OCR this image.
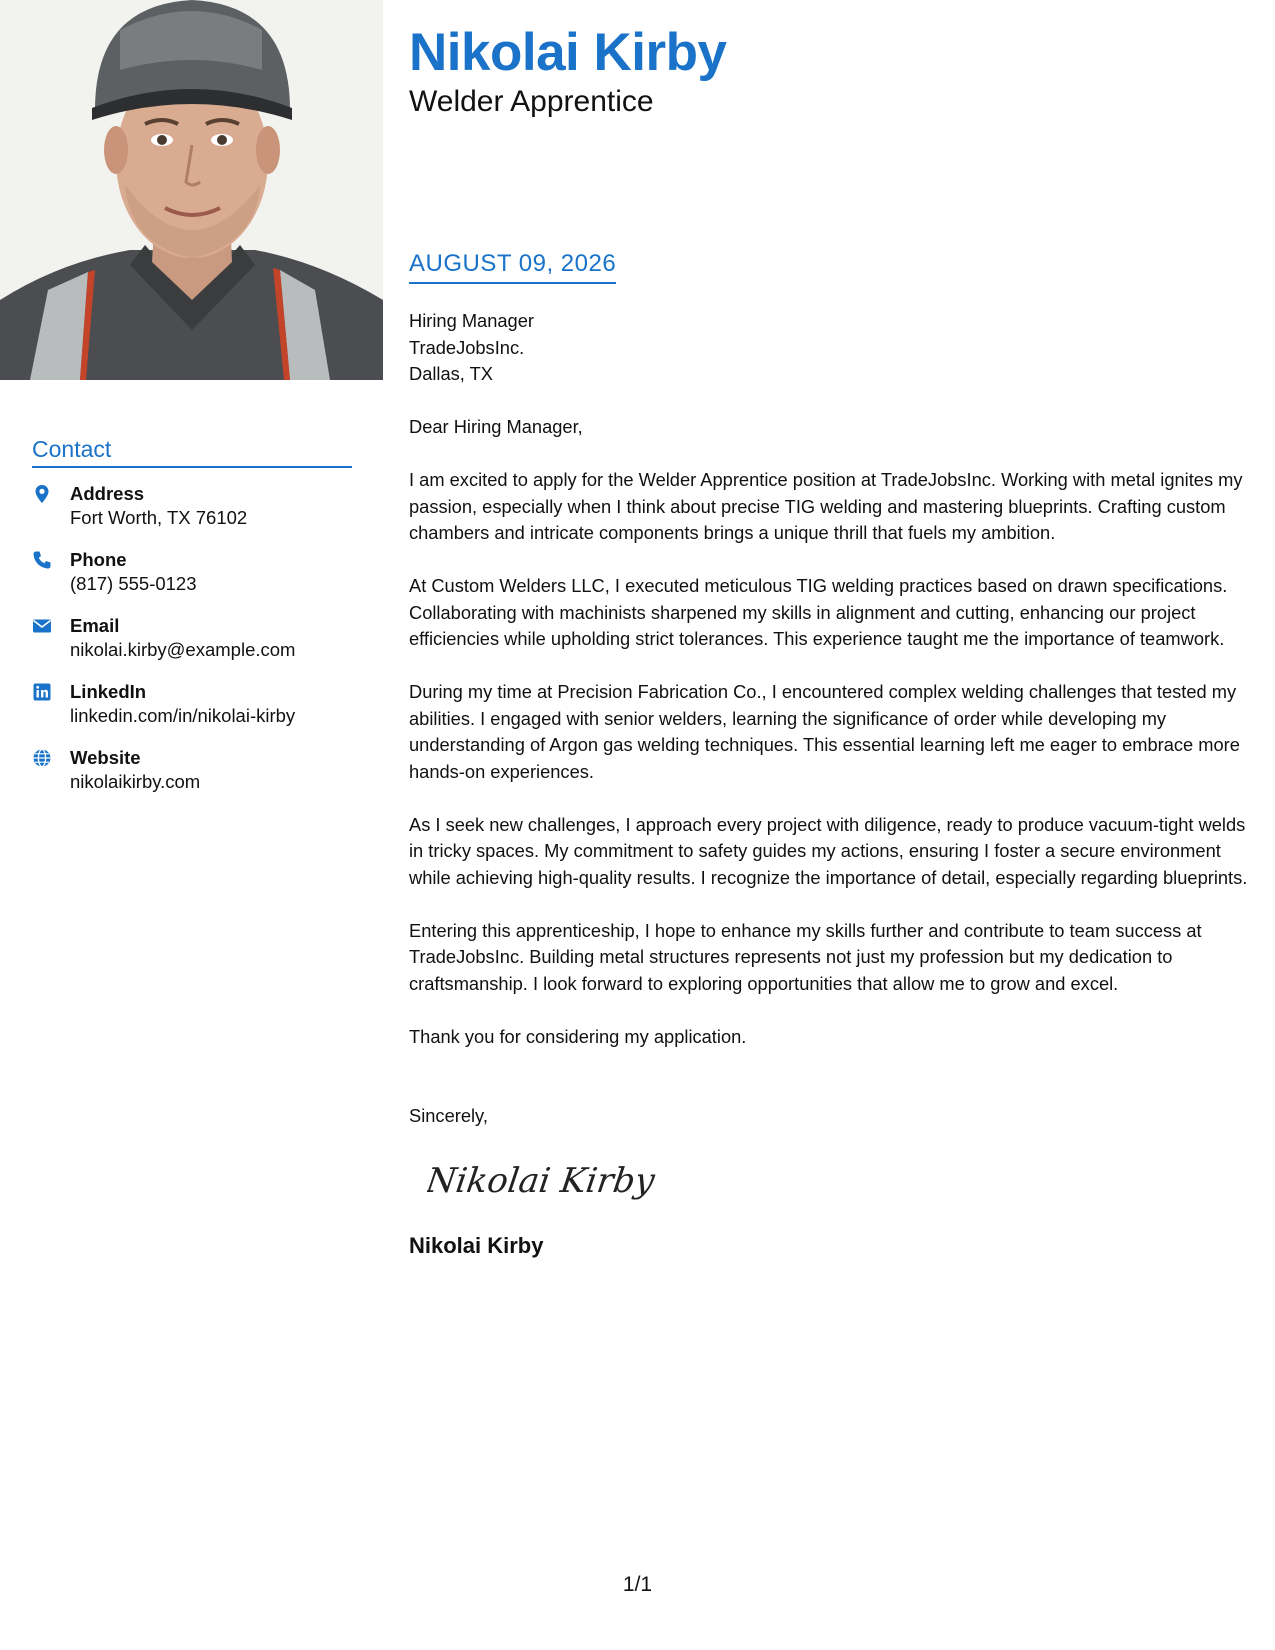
Contact
Address
Fort Worth, TX 76102
Phone
(817) 555-0123
Email
nikolai.kirby@example.com
LinkedIn
linkedin.com/in/nikolai-kirby
Website
nikolaikirby.com
Nikolai Kirby
Welder Apprentice
AUGUST 09, 2026
Hiring Manager
TradeJobsInc.
Dallas, TX

Dear Hiring Manager,

I am excited to apply for the Welder Apprentice position at TradeJobsInc. Working with metal ignites my passion, especially when I think about precise TIG welding and mastering blueprints. Crafting custom chambers and intricate components brings a unique thrill that fuels my ambition.

At Custom Welders LLC, I executed meticulous TIG welding practices based on drawn specifications. Collaborating with machinists sharpened my skills in alignment and cutting, enhancing our project efficiencies while upholding strict tolerances. This experience taught me the importance of teamwork.

During my time at Precision Fabrication Co., I encountered complex welding challenges that tested my abilities. I engaged with senior welders, learning the significance of order while developing my understanding of Argon gas welding techniques. This essential learning left me eager to embrace more hands-on experiences.

As I seek new challenges, I approach every project with diligence, ready to produce vacuum-tight welds in tricky spaces. My commitment to safety guides my actions, ensuring I foster a secure environment while achieving high-quality results. I recognize the importance of detail, especially regarding blueprints.

Entering this apprenticeship, I hope to enhance my skills further and contribute to team success at TradeJobsInc. Building metal structures represents not just my profession but my dedication to craftsmanship. I look forward to exploring opportunities that allow me to grow and excel.

Thank you for considering my application.

Sincerely,
Nikolai Kirby
Nikolai Kirby
1/1
